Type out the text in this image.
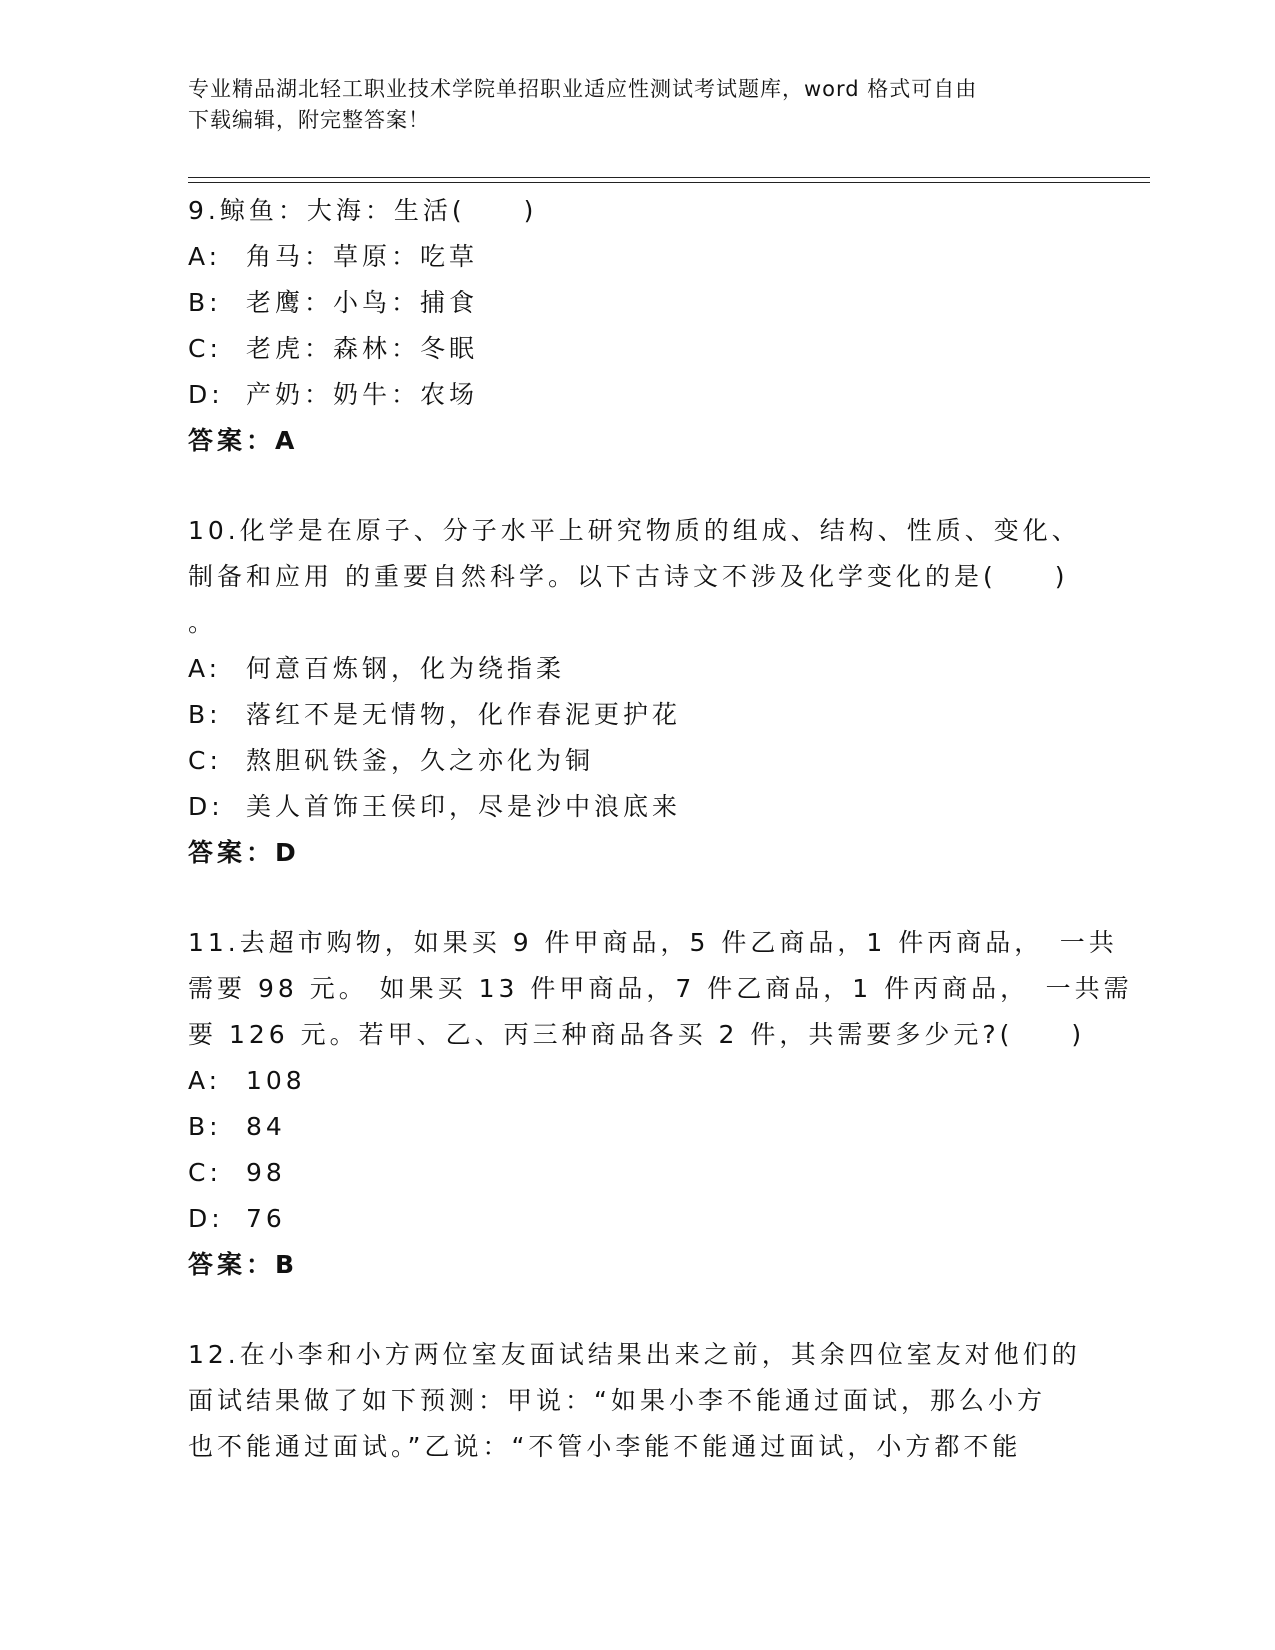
专业精品湖北轻工职业技术学院单招职业适应性测试考试题库，word 格式可自由
下载编辑，附完整答案！
9.鲸鱼：大海：生活(　　)
A: 角马：草原：吃草
B: 老鹰：小鸟：捕食
C: 老虎：森林：冬眠
D: 产奶：奶牛：农场
答案：A
10.化学是在原子、分子水平上研究物质的组成、结构、性质、变化、
制备和应用 的重要自然科学。以下古诗文不涉及化学变化的是(　　)
。
A: 何意百炼钢，化为绕指柔
B: 落红不是无情物，化作春泥更护花
C: 熬胆矾铁釜，久之亦化为铜
D: 美人首饰王侯印，尽是沙中浪底来
答案：D
11.去超市购物，如果买 9 件甲商品，5 件乙商品，1 件丙商品，　一共
需要 98 元。 如果买 13 件甲商品，7 件乙商品，1 件丙商品，　一共需
要 126 元。若甲、乙、丙三种商品各买 2 件，共需要多少元?(　　)
A: 108
B: 84
C: 98
D: 76
答案：B
12.在小李和小方两位室友面试结果出来之前，其余四位室友对他们的
面试结果做了如下预测：甲说：“如果小李不能通过面试，那么小方
也不能通过面试。”乙说：“不管小李能不能通过面试，小方都不能
